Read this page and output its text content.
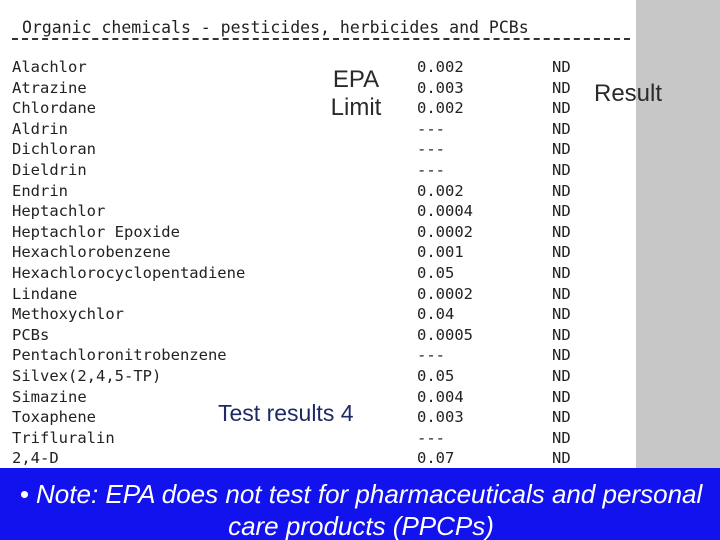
Organic chemicals - pesticides, herbicides and PCBs
Alachlor	0.002	ND
Atrazine	0.003	ND
Chlordane	0.002	ND
Aldrin	---	ND
Dichloran	---	ND
Dieldrin	---	ND
Endrin	0.002	ND
Heptachlor	0.0004	ND
Heptachlor Epoxide	0.0002	ND
Hexachlorobenzene	0.001	ND
Hexachlorocyclopentadiene	0.05	ND
Lindane	0.0002	ND
Methoxychlor	0.04	ND
PCBs	0.0005	ND
Pentachloronitrobenzene	---	ND
Silvex(2,4,5-TP)	0.05	ND
Simazine	0.004	ND
Toxaphene	0.003	ND
Trifluralin	---	ND
2,4-D	0.07	ND
EPA Limit
Result
Test results 4
• Note: EPA does not test for pharmaceuticals and personal care products (PPCPs)
